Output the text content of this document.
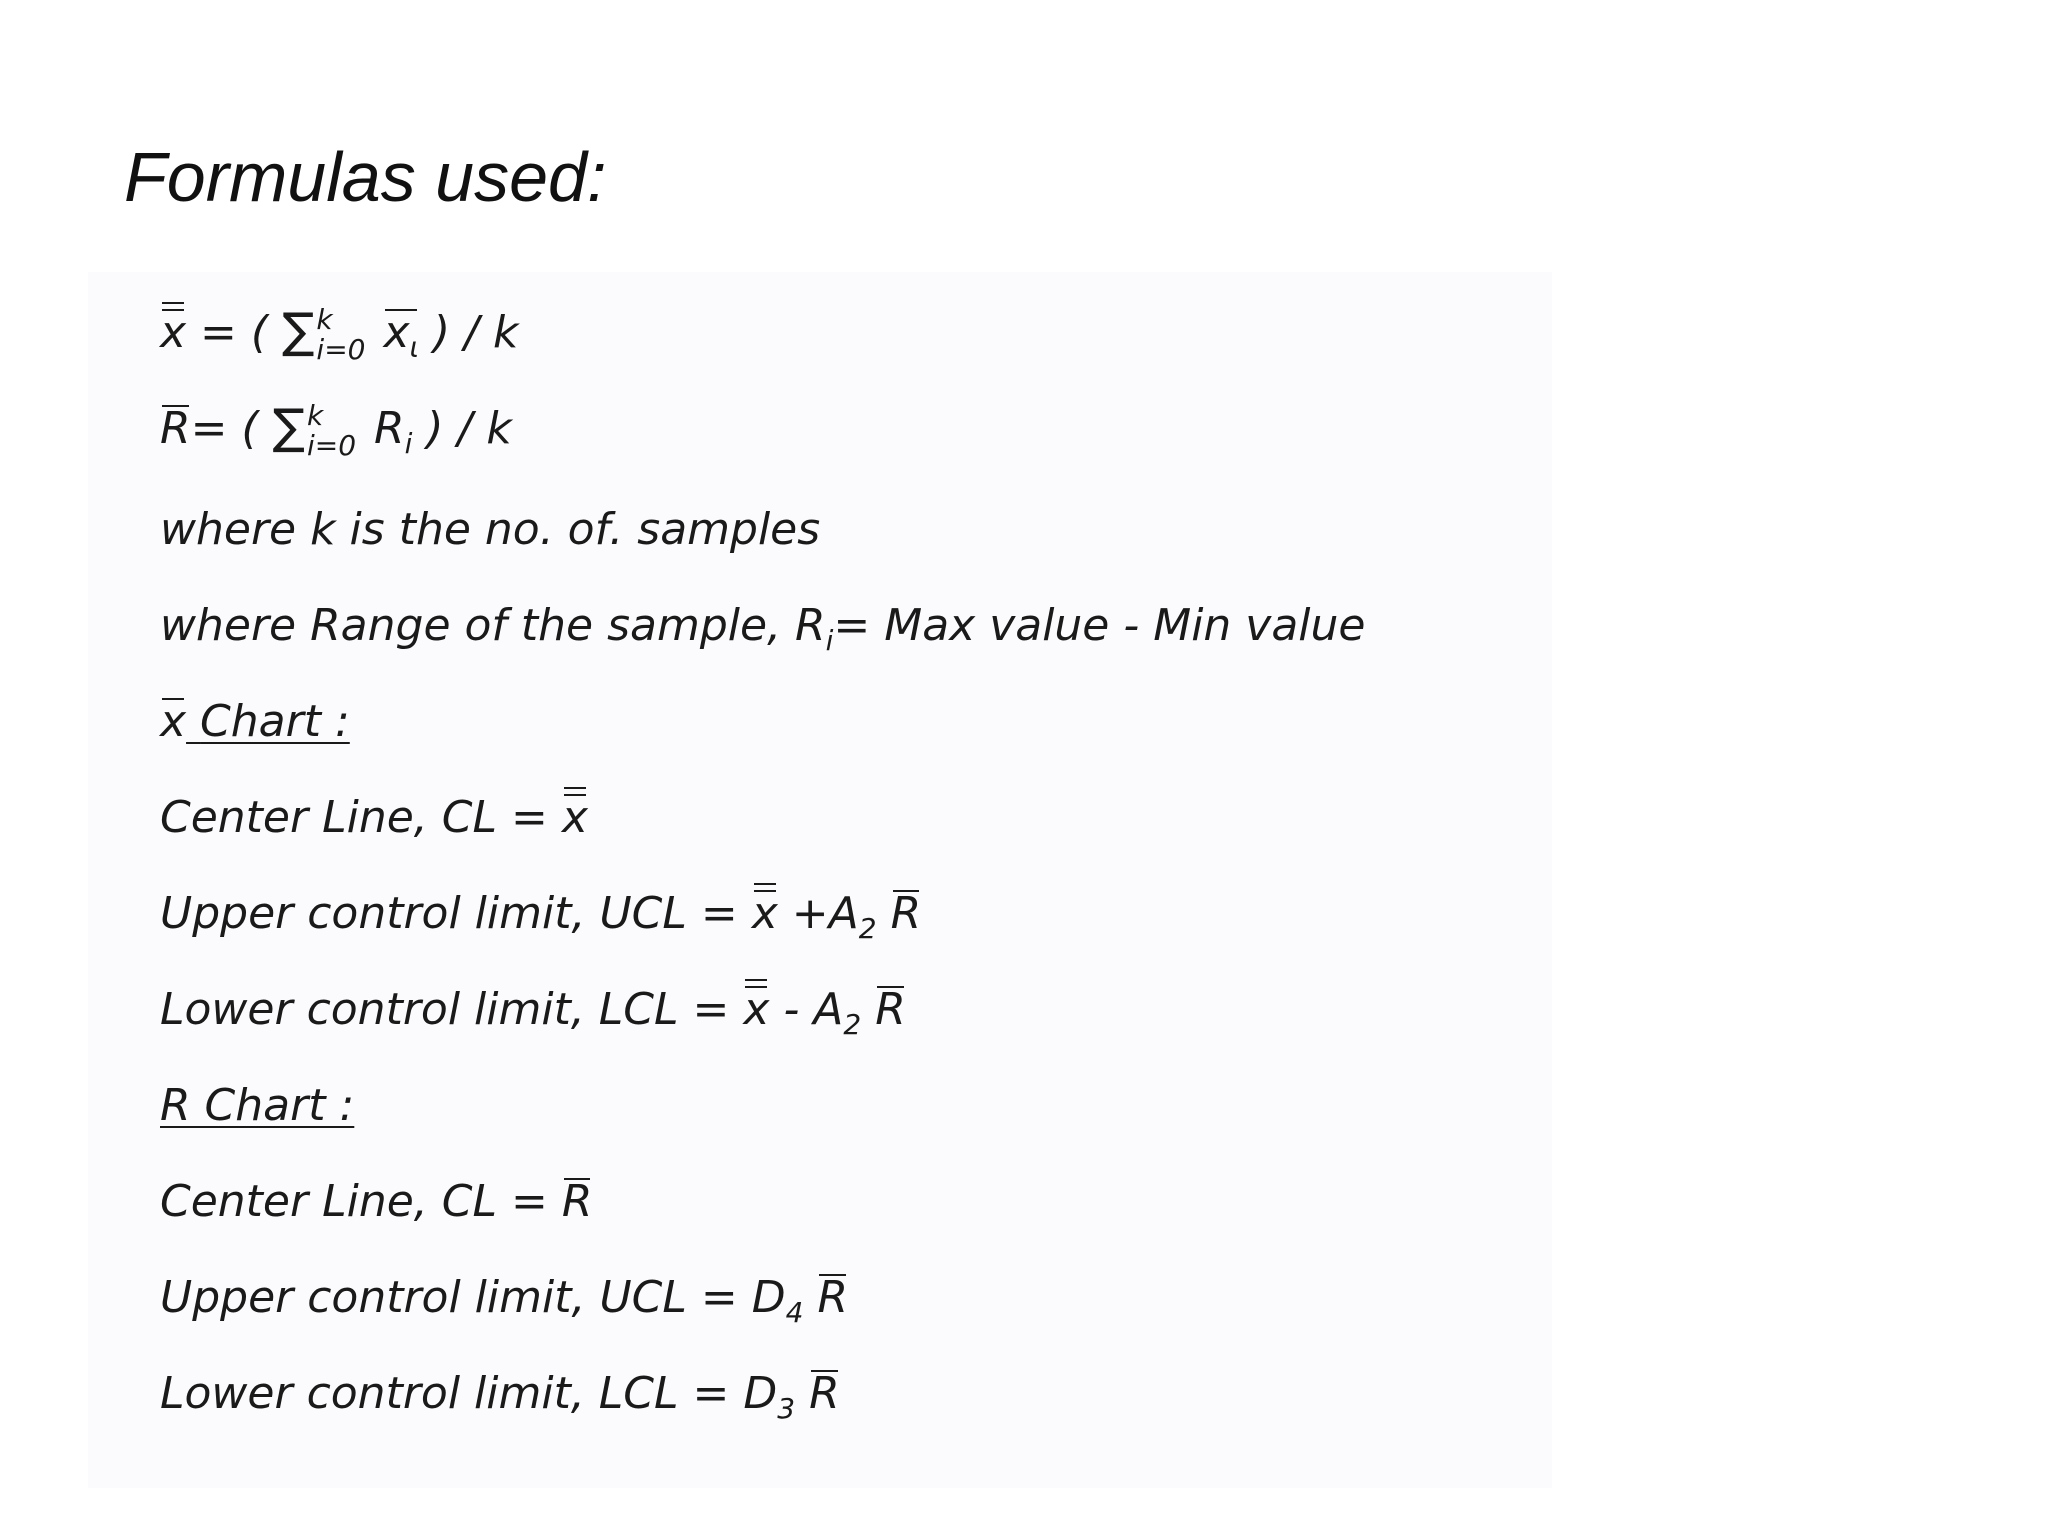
Formulas used:
x = ( ∑ k
i=0 $x_\iota$ ) / k
R= ( ∑ k
i=0 $R_i$ ) / k
where k is the no. of. samples
where Range of the sample, $R_i=$ Max value - Min value
x Chart :
Center Line, CL = x
Upper control limit, UCL = $x +A_2$ R
Lower control limit, LCL = x - $A_2$ R
R Chart :
Center Line, CL = R
Upper control limit, UCL = $D_4$ R
Lower control limit, LCL = $D_3$ R
